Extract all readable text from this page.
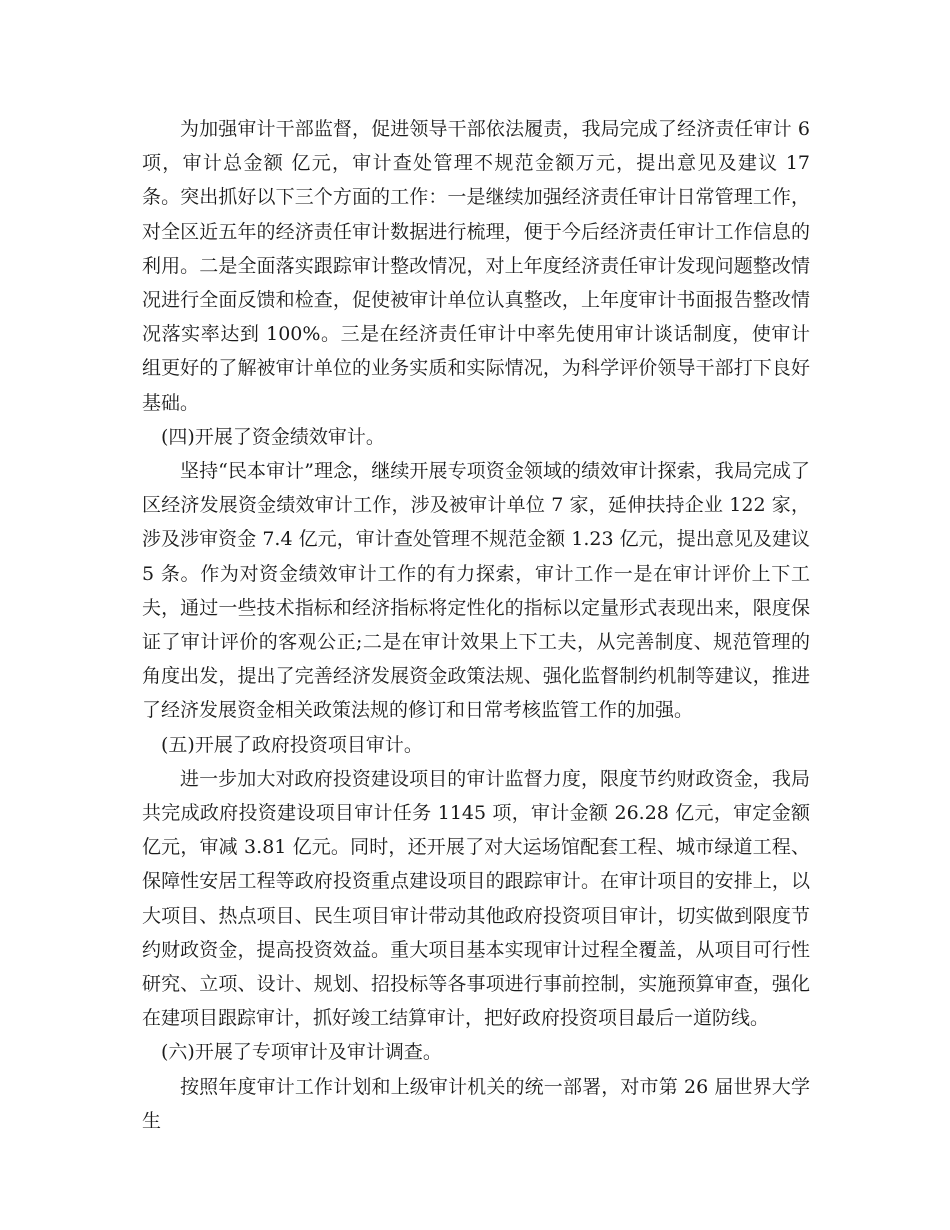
为加强审计干部监督，促进领导干部依法履责，我局完成了经济责任审计 6 项，审计总金额 亿元，审计查处管理不规范金额万元，提出意见及建议 17 条。突出抓好以下三个方面的工作：一是继续加强经济责任审计日常管理工作，对全区近五年的经济责任审计数据进行梳理，便于今后经济责任审计工作信息的利用。二是全面落实跟踪审计整改情况，对上年度经济责任审计发现问题整改情况进行全面反馈和检查，促使被审计单位认真整改，上年度审计书面报告整改情况落实率达到 100%。三是在经济责任审计中率先使用审计谈话制度，使审计组更好的了解被审计单位的业务实质和实际情况，为科学评价领导干部打下良好基础。

(四)开展了资金绩效审计。

坚持“民本审计”理念，继续开展专项资金领域的绩效审计探索，我局完成了区经济发展资金绩效审计工作，涉及被审计单位 7 家，延伸扶持企业 122 家，涉及涉审资金 7.4 亿元，审计查处管理不规范金额 1.23 亿元，提出意见及建议 5 条。作为对资金绩效审计工作的有力探索，审计工作一是在审计评价上下工夫，通过一些技术指标和经济指标将定性化的指标以定量形式表现出来，限度保证了审计评价的客观公正;二是在审计效果上下工夫，从完善制度、规范管理的角度出发，提出了完善经济发展资金政策法规、强化监督制约机制等建议，推进了经济发展资金相关政策法规的修订和日常考核监管工作的加强。

(五)开展了政府投资项目审计。

进一步加大对政府投资建设项目的审计监督力度，限度节约财政资金，我局共完成政府投资建设项目审计任务 1145 项，审计金额 26.28 亿元，审定金额亿元，审减 3.81 亿元。同时，还开展了对大运场馆配套工程、城市绿道工程、保障性安居工程等政府投资重点建设项目的跟踪审计。在审计项目的安排上，以大项目、热点项目、民生项目审计带动其他政府投资项目审计，切实做到限度节约财政资金，提高投资效益。重大项目基本实现审计过程全覆盖，从项目可行性研究、立项、设计、规划、招投标等各事项进行事前控制，实施预算审查，强化在建项目跟踪审计，抓好竣工结算审计，把好政府投资项目最后一道防线。

(六)开展了专项审计及审计调查。

按照年度审计工作计划和上级审计机关的统一部署，对市第 26 届世界大学生
